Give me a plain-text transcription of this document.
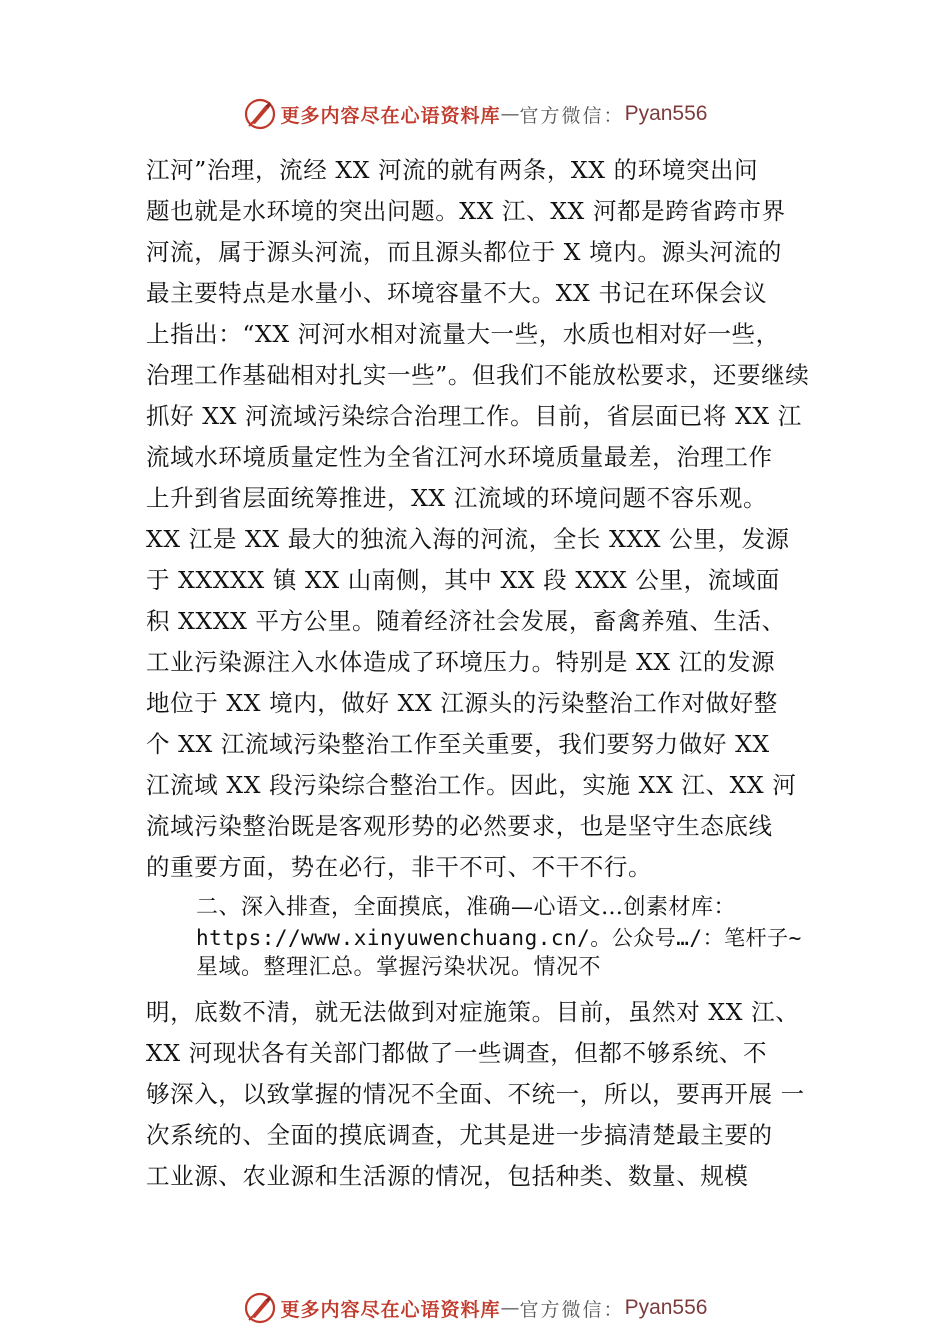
更多内容尽在心语资料库 — 官方微信： Pyan556
江河”治理，流经 XX 河流的就有两条，XX 的环境突出问
题也就是水环境的突出问题。XX 江、XX 河都是跨省跨市界
河流，属于源头河流，而且源头都位于 X 境内。源头河流的
最主要特点是水量小、环境容量不大。XX 书记在环保会议
上指出：“XX 河河水相对流量大一些，水质也相对好一些，
治理工作基础相对扎实一些”。但我们不能放松要求，还要继续
抓好 XX 河流域污染综合治理工作。目前，省层面已将 XX 江
流域水环境质量定性为全省江河水环境质量最差，治理工作
上升到省层面统筹推进，XX 江流域的环境问题不容乐观。
XX 江是 XX 最大的独流入海的河流，全长 XXX 公里，发源
于 XXXXX 镇 XX 山南侧，其中 XX 段 XXX 公里，流域面
积 XXXX 平方公里。随着经济社会发展，畜禽养殖、生活、
工业污染源注入水体造成了环境压力。特别是 XX 江的发源
地位于 XX 境内，做好 XX 江源头的污染整治工作对做好整
个 XX 江流域污染整治工作至关重要，我们要努力做好 XX
江流域 XX 段污染综合整治工作。因此，实施 XX 江、XX 河
流域污染整治既是客观形势的必然要求，也是坚守生态底线
的重要方面，势在必行，非干不可、不干不行。
二、深入排查，全面摸底，准确—心语文…创素材库：
https://www.xinyuwenchuang.cn/。公众号…/：笔杆子~
星域。整理汇总。掌握污染状况。情况不
明，底数不清，就无法做到对症施策。目前，虽然对 XX 江、
XX 河现状各有关部门都做了一些调查，但都不够系统、不
够深入，以致掌握的情况不全面、不统一，所以，要再开展 一
次系统的、全面的摸底调查，尤其是进一步搞清楚最主要的
工业源、农业源和生活源的情况，包括种类、数量、规模
更多内容尽在心语资料库 — 官方微信： Pyan556
